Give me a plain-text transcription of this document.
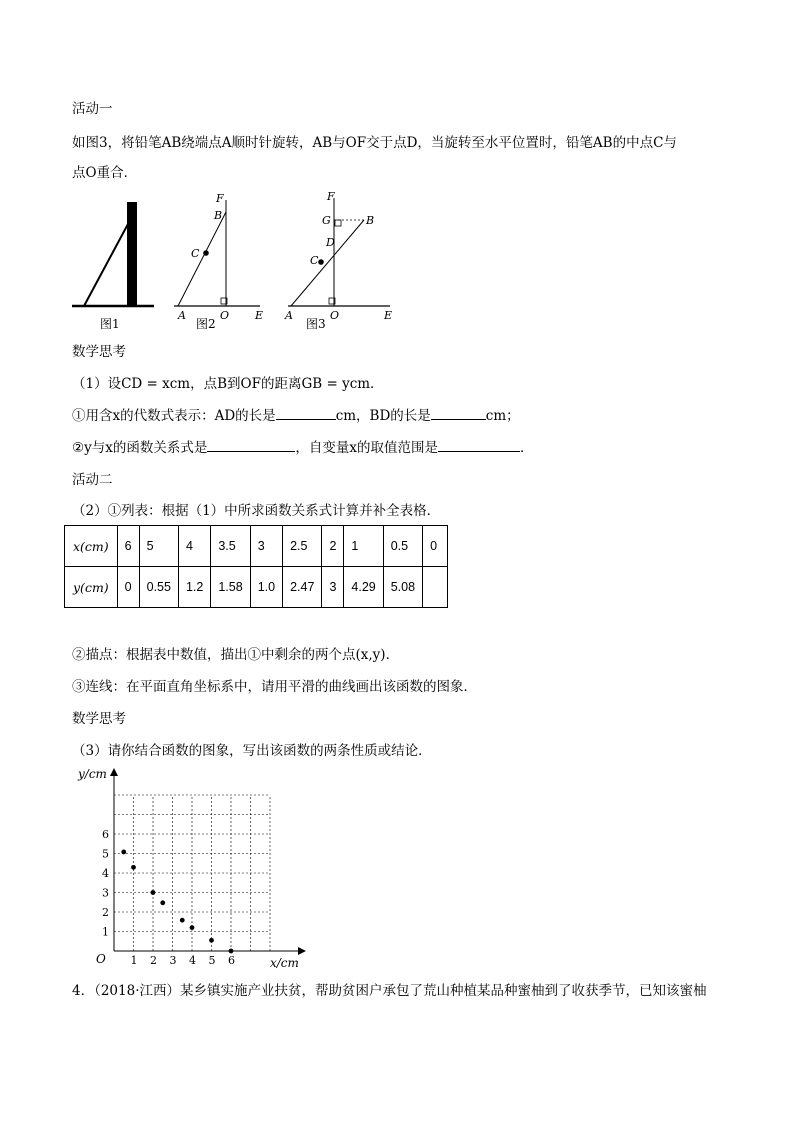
活动一
如图3，将铅笔AB绕端点A顺时针旋转，AB与OF交于点D，当旋转至水平位置时，铅笔AB的中点C与
点O重合．
图1
F
B
C
A	O E
图2
F
G	B
D
C
A	O	E
图3
数学思考
（1）设CD = xcm，点B到OF的距离GB = ycm．
①用含x的代数式表示：AD的长是	cm，BD的长是	cm；
②y与x的函数关系式是	，自变量x的取值范围是	．
活动二
（2）①列表：根据（1）中所求函数关系式计算并补全表格．
x(cm)	6	5	4	3.5	3	2.5	2	1	0.5	0
y(cm)	0	0.55	1.2	1.58	1.0	2.47	3	4.29	5.08	
②描点：根据表中数值，描出①中剩余的两个点(x,y)．
③连线：在平面直角坐标系中，请用平滑的曲线画出该函数的图象．
数学思考
（3）请你结合函数的图象，写出该函数的两条性质或结论．
y/cm
x/cm
O 1 2 3 4 5 6
1
2
3
4
5
6
4．（2018·江西）某乡镇实施产业扶贫，帮助贫困户承包了荒山种植某品种蜜柚到了收获季节，已知该蜜柚
